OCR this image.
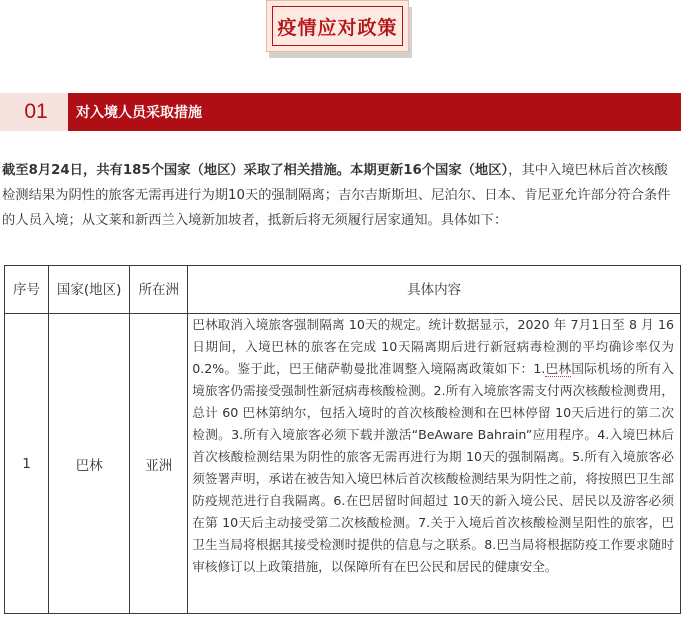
疫情应对政策
01	对入境人员采取措施

截至8月24日，共有185个国家（地区）采取了相关措施。本期更新16个国家（地区），其中入境巴林后首次核酸检测结果为阴性的旅客无需再进行为期10天的强制隔离；吉尔吉斯斯坦、尼泊尔、日本、肯尼亚允许部分符合条件的人员入境；从文莱和新西兰入境新加坡者，抵新后将无须履行居家通知。具体如下：

序号	国家(地区)	所在洲	具体内容
1	巴林	亚洲	巴林取消入境旅客强制隔离 10天的规定。统计数据显示，2020 年 7月1日至 8 月 16日期间，入境巴林的旅客在完成 10天隔离期后进行新冠病毒检测的平均确诊率仅为 0.2%。鉴于此，巴王储萨勒曼批准调整入境隔离政策如下：1.巴林国际机场的所有入境旅客仍需接受强制性新冠病毒核酸检测。2.所有入境旅客需支付两次核酸检测费用，总计 60 巴林第纳尔，包括入境时的首次核酸检测和在巴林停留 10天后进行的第二次检测。3.所有入境旅客必须下载并激活“BeAware Bahrain”应用程序。4.入境巴林后首次核酸检测结果为阴性的旅客无需再进行为期 10天的强制隔离。5.所有入境旅客必须签署声明，承诺在被告知入境巴林后首次核酸检测结果为阴性之前，将按照巴卫生部防疫规范进行自我隔离。6.在巴居留时间超过 10天的新入境公民、居民以及游客必须在第 10天后主动接受第二次核酸检测。7.关于入境后首次核酸检测呈阳性的旅客，巴卫生当局将根据其接受检测时提供的信息与之联系。8.巴当局将根据防疫工作要求随时审核修订以上政策措施，以保障所有在巴公民和居民的健康安全。
